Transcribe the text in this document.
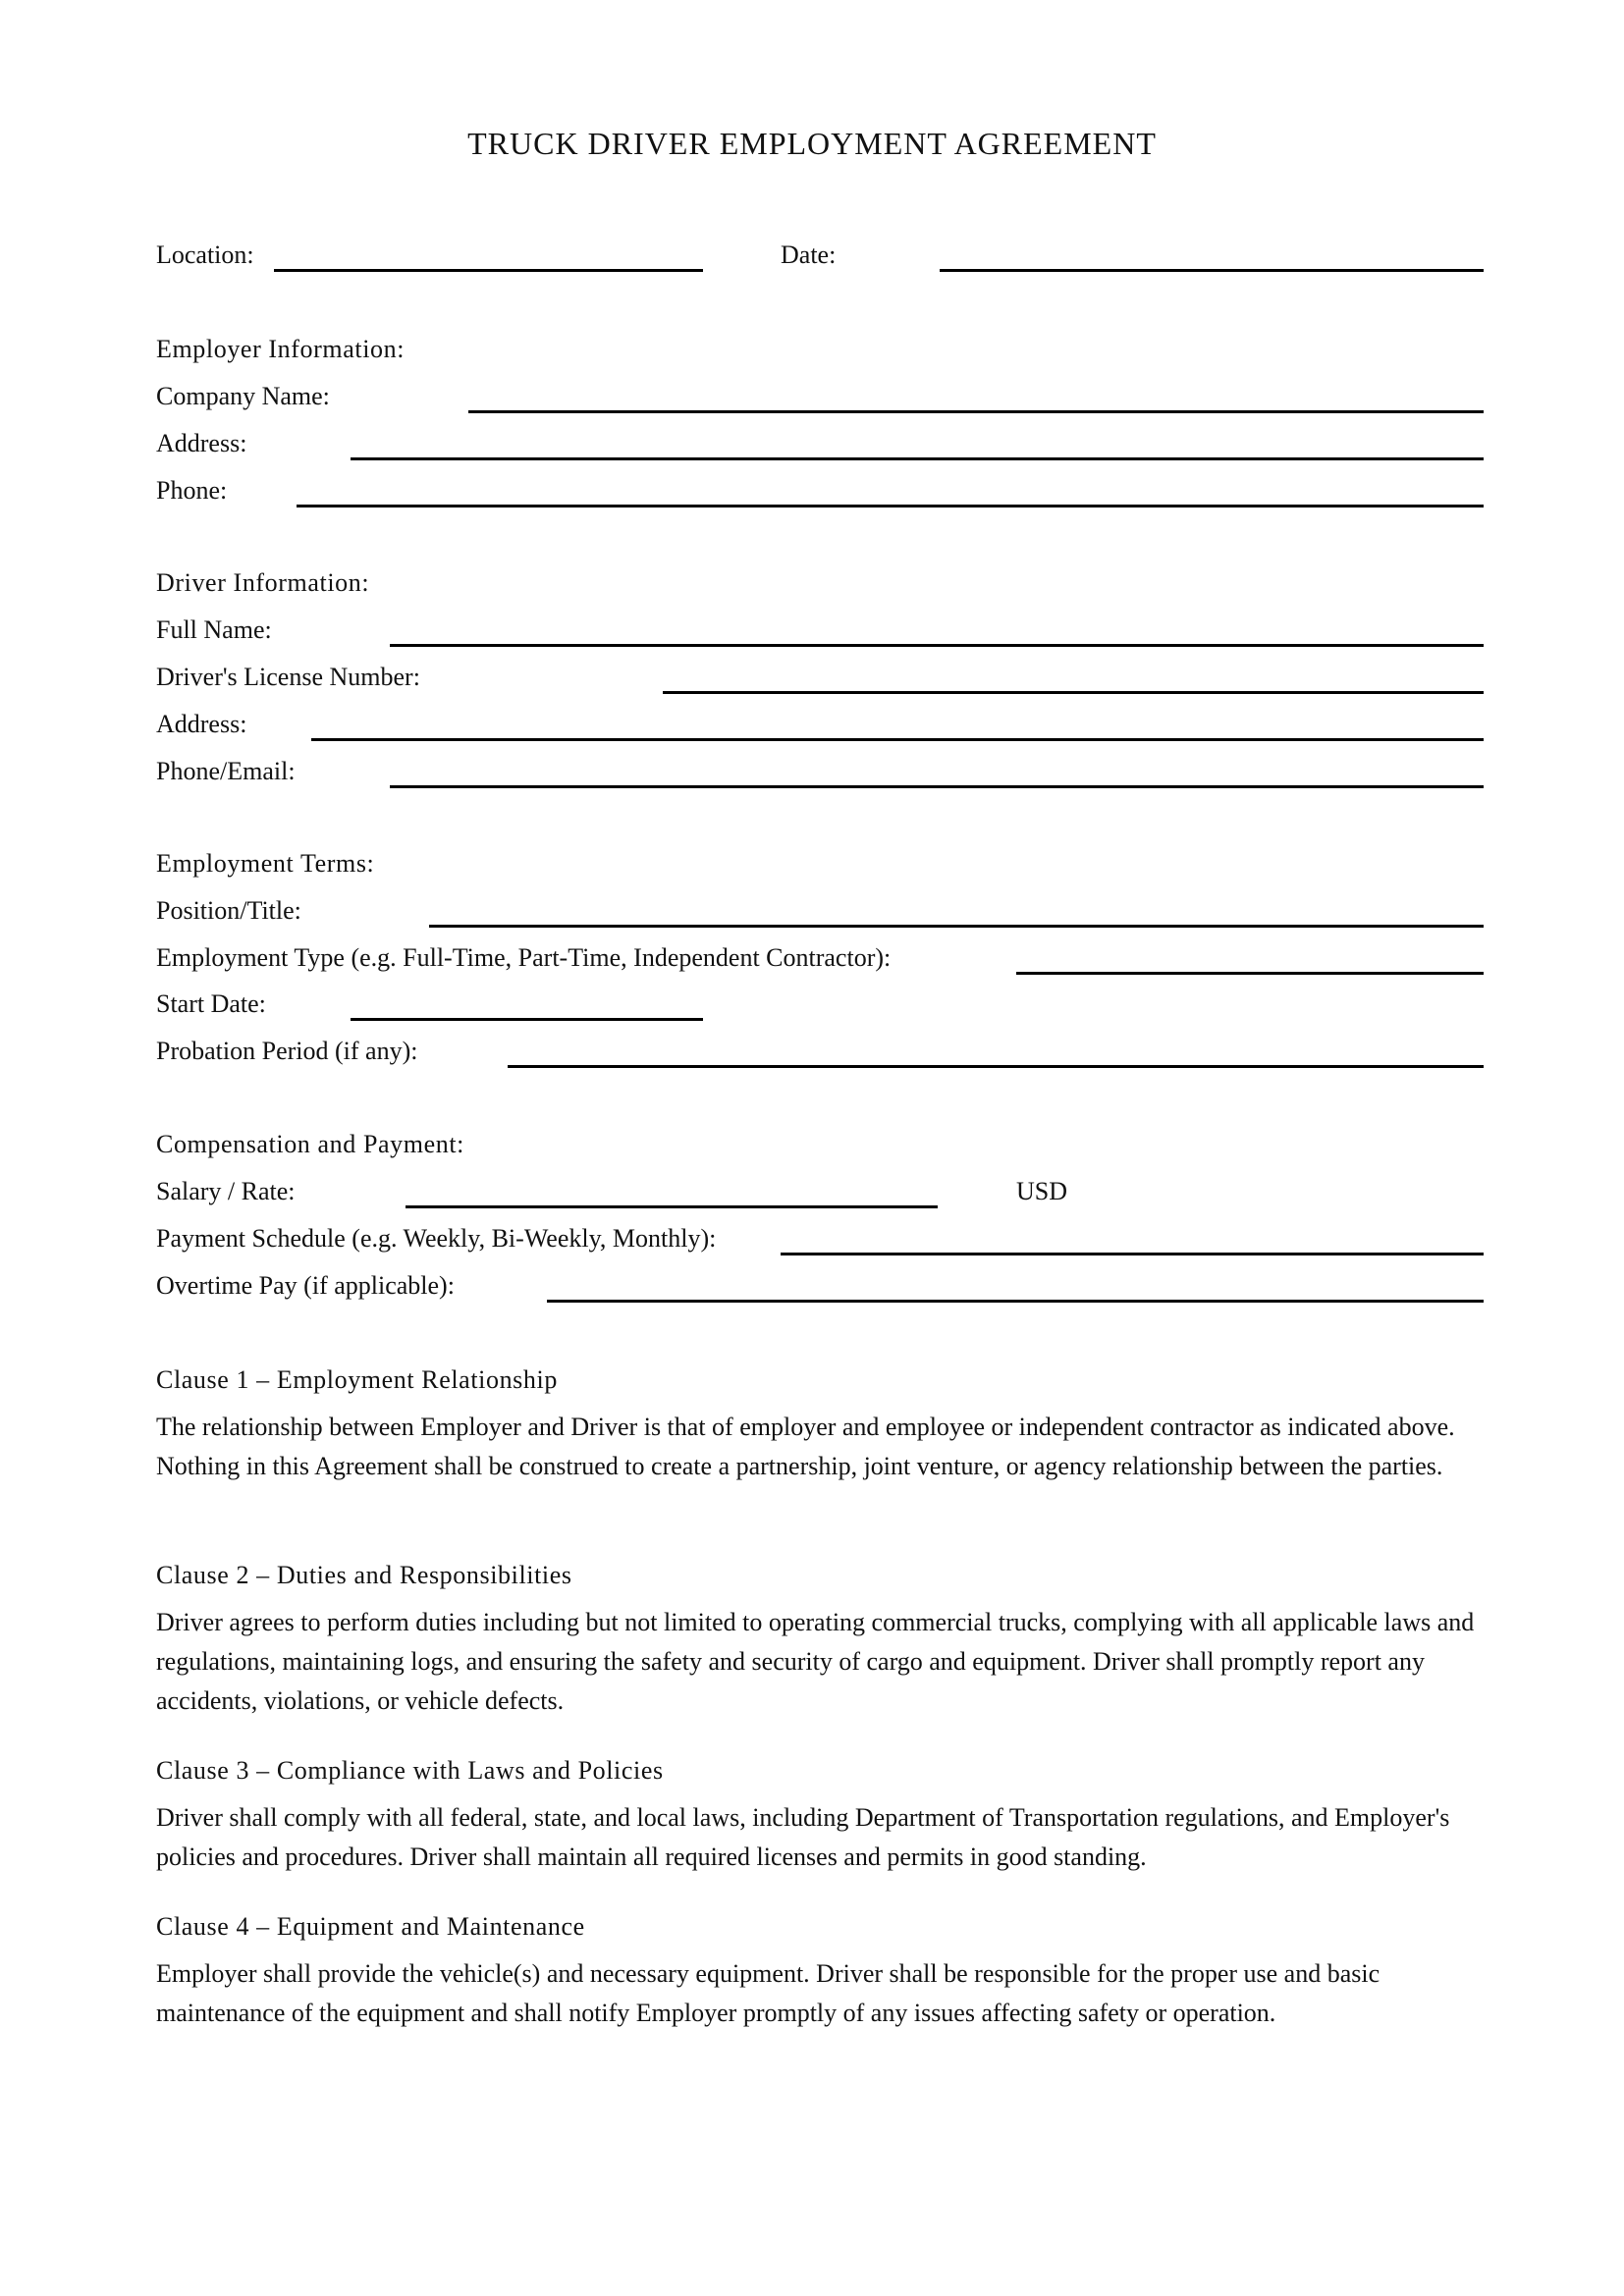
TRUCK DRIVER EMPLOYMENT AGREEMENT
Location:	Date:
Employer Information:
Company Name:
Address:
Phone:
Driver Information:
Full Name:
Driver's License Number:
Address:
Phone/Email:
Employment Terms:
Position/Title:
Employment Type (e.g. Full-Time, Part-Time, Independent Contractor):
Start Date:
Probation Period (if any):
Compensation and Payment:
Salary / Rate:	USD
Payment Schedule (e.g. Weekly, Bi-Weekly, Monthly):
Overtime Pay (if applicable):
Clause 1 – Employment Relationship

The relationship between Employer and Driver is that of employer and employee or independent contractor as indicated above. Nothing in this Agreement shall be construed to create a partnership, joint venture, or agency relationship between the parties.

Clause 2 – Duties and Responsibilities

Driver agrees to perform duties including but not limited to operating commercial trucks, complying with all applicable laws and regulations, maintaining logs, and ensuring the safety and security of cargo and equipment. Driver shall promptly report any accidents, violations, or vehicle defects.

Clause 3 – Compliance with Laws and Policies

Driver shall comply with all federal, state, and local laws, including Department of Transportation regulations, and Employer's policies and procedures. Driver shall maintain all required licenses and permits in good standing.

Clause 4 – Equipment and Maintenance

Employer shall provide the vehicle(s) and necessary equipment. Driver shall be responsible for the proper use and basic maintenance of the equipment and shall notify Employer promptly of any issues affecting safety or operation.
